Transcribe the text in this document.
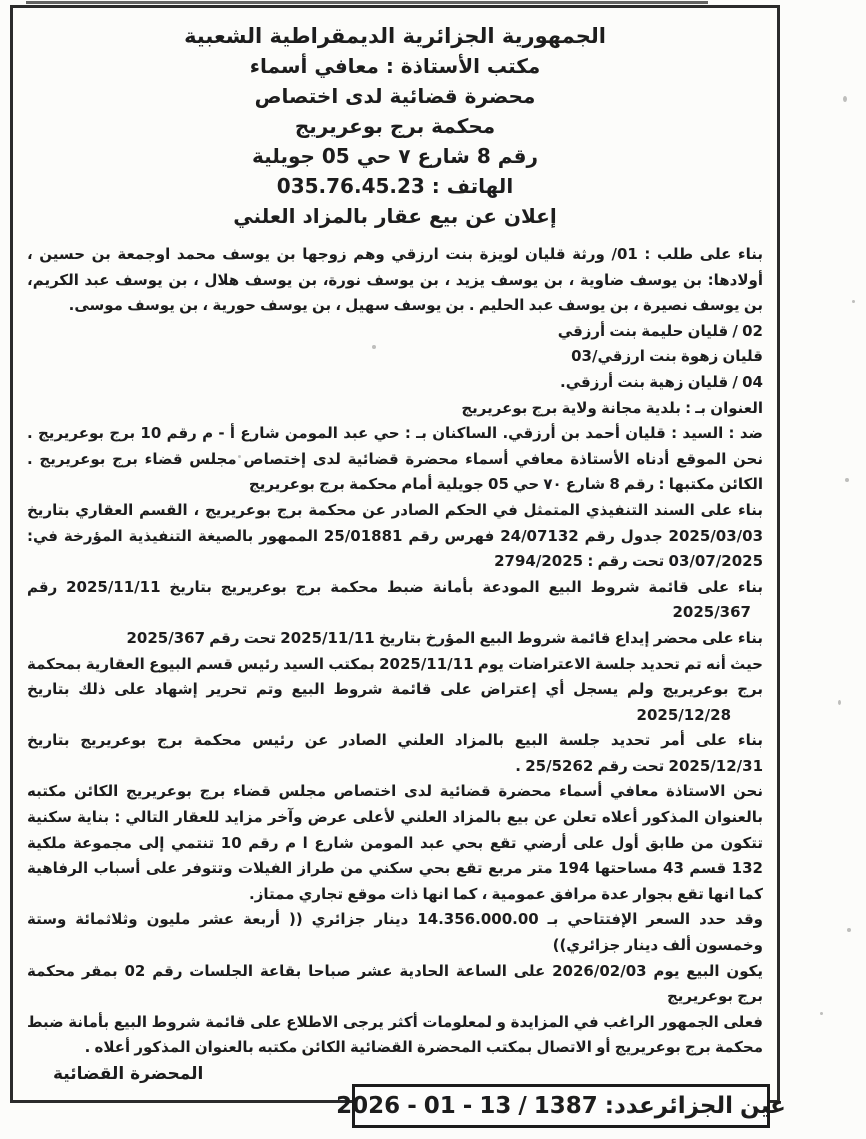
الجمهورية الجزائرية الديمقراطية الشعبية
مكتب الأستاذة : معافي أسماء
محضرة قضائية لدى اختصاص
محكمة برج بوعريريج
رقم 8 شارع ٧ حي 05 جويلية
الهاتف : 035.76.45.23
إعلان عن بيع عقار بالمزاد العلني
بناء على طلب : 01/ ورثة قليان لويزة بنت ارزقي وهم زوجها بن يوسف محمد اوجمعة بن حسين ،
أولادها: بن يوسف ضاوية ، بن يوسف يزيد ، بن يوسف نورة، بن يوسف هلال ، بن يوسف عبد الكريم،
بن يوسف نصيرة ، بن يوسف عبد الحليم . بن يوسف سهيل ، بن يوسف حورية ، بن يوسف موسى.
02 / قليان حليمة بنت أرزقي
قليان زهوة بنت ارزقي/03
04 / قليان زهية بنت أرزقي.
العنوان بـ : بلدية مجانة ولاية برج بوعريريج
ضد : السيد : قليان أحمد بن أرزقي. الساكنان بـ : حي عبد المومن شارع أ - م رقم 10 برج بوعريريج .
نحن الموقع أدناه الأستاذة معافي أسماء محضرة قضائية لدى إختصاص مجلس قضاء برج بوعريريج .
الكائن مكتبها : رقم 8 شارع ٧٠ حي 05 جويلية أمام محكمة برج بوعريريج
بناء على السند التنفيذي المتمثل في الحكم الصادر عن محكمة برج بوعريريج ، القسم العقاري بتاريخ
2025/03/03 جدول رقم 24/07132 فهرس رقم 25/01881 الممهور بالصيغة التنفيذية المؤرخة في:
03/07/2025 تحت رقم : 2794/2025
بناء على قائمة شروط البيع المودعة بأمانة ضبط محكمة برج بوعريريج بتاريخ 2025/11/11 رقم
2025/367
بناء على محضر إيداع قائمة شروط البيع المؤرخ بتاريخ 2025/11/11 تحت رقم 2025/367
حيث أنه تم تحديد جلسة الاعتراضات يوم 2025/11/11 بمكتب السيد رئيس قسم البيوع العقارية بمحكمة
برج بوعريريج ولم يسجل أي إعتراض على قائمة شروط البيع وتم تحرير إشهاد على ذلك بتاريخ
2025/12/28
بناء على أمر تحديد جلسة البيع بالمزاد العلني الصادر عن رئيس محكمة برج بوعريريج بتاريخ
2025/12/31 تحت رقم 25/5262 .
نحن الاستاذة معافي أسماء محضرة قضائية لدى اختصاص مجلس قضاء برج بوعريريج الكائن مكتبه
بالعنوان المذكور أعلاه تعلن عن بيع بالمزاد العلني لأعلى عرض وآخر مزايد للعقار التالي : بناية سكنية
تتكون من طابق أول على أرضي تقع بحي عبد المومن شارع ا م رقم 10 تنتمي إلى مجموعة ملكية
132 قسم 43 مساحتها 194 متر مربع تقع بحي سكني من طراز الفيلات وتتوفر على أسباب الرفاهية
كما انها تقع بجوار عدة مرافق عمومية ، كما انها ذات موقع تجاري ممتاز.
وقد حدد السعر الإفتتاحي بـ 14.356.000.00 دينار جزائري (( أربعة عشر مليون وثلاثمائة وستة
وخمسون ألف دينار جزائري))
يكون البيع يوم 2026/02/03 على الساعة الحادية عشر صباحا بقاعة الجلسات رقم 02 بمقر محكمة
برج بوعريريج
فعلى الجمهور الراغب في المزايدة و لمعلومات أكثر يرجى الاطلاع على قائمة شروط البيع بأمانة ضبط
محكمة برج بوعريريج أو الاتصال بمكتب المحضرة القضائية الكائن مكتبه بالعنوان المذكور أعلاه .
المحضرة القضائية
عين الجزائرعدد: 1387 / 13 - 01 - 2026
